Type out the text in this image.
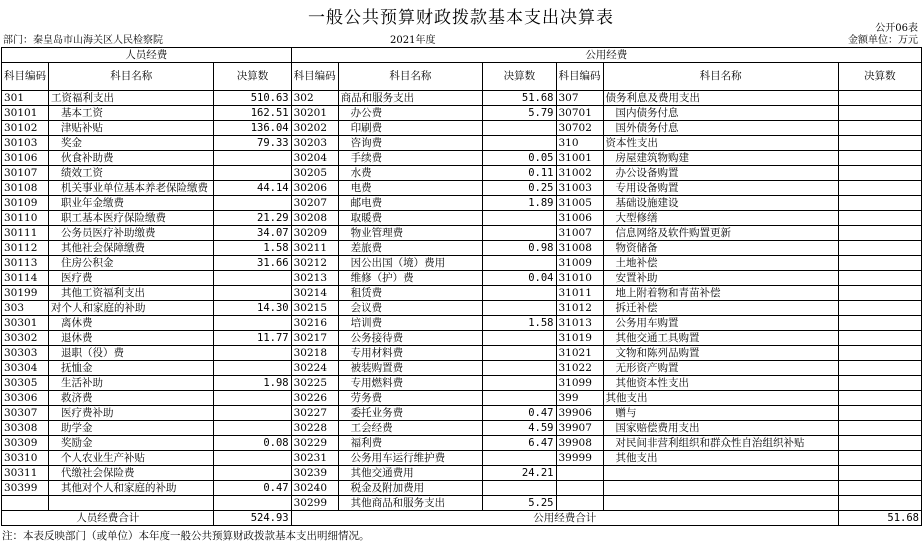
一般公共预算财政拨款基本支出决算表
公开06表
部门：秦皇岛市山海关区人民检察院	2021年度	金额单位：万元
人员经费			公用经费					
科目编码	科目名称	决算数	科目编码	科目名称	决算数	科目编码	科目名称	决算数
301	工资福利支出	510.63	302	商品和服务支出	51.68	307	债务利息及费用支出	
30101	基本工资	162.51	30201	办公费	5.79	30701	国内债务付息	
30102	津贴补贴	136.04	30202	印刷费		30702	国外债务付息	
30103	奖金	79.33	30203	咨询费		310	资本性支出	
30106	伙食补助费		30204	手续费	0.05	31001	房屋建筑物购建	
30107	绩效工资		30205	水费	0.11	31002	办公设备购置	
30108	机关事业单位基本养老保险缴费	44.14	30206	电费	0.25	31003	专用设备购置	
30109	职业年金缴费		30207	邮电费	1.89	31005	基础设施建设	
30110	职工基本医疗保险缴费	21.29	30208	取暖费		31006	大型修缮	
30111	公务员医疗补助缴费	34.07	30209	物业管理费		31007	信息网络及软件购置更新	
30112	其他社会保障缴费	1.58	30211	差旅费	0.98	31008	物资储备	
30113	住房公积金	31.66	30212	因公出国（境）费用		31009	土地补偿	
30114	医疗费		30213	维修（护）费	0.04	31010	安置补助	
30199	其他工资福利支出		30214	租赁费		31011	地上附着物和青苗补偿	
303	对个人和家庭的补助	14.30	30215	会议费		31012	拆迁补偿	
30301	离休费		30216	培训费	1.58	31013	公务用车购置	
30302	退休费	11.77	30217	公务接待费		31019	其他交通工具购置	
30303	退职（役）费		30218	专用材料费		31021	文物和陈列品购置	
30304	抚恤金		30224	被装购置费		31022	无形资产购置	
30305	生活补助	1.98	30225	专用燃料费		31099	其他资本性支出	
30306	救济费		30226	劳务费		399	其他支出	
30307	医疗费补助		30227	委托业务费	0.47	39906	赠与	
30308	助学金		30228	工会经费	4.59	39907	国家赔偿费用支出	
30309	奖励金	0.08	30229	福利费	6.47	39908	对民间非营利组织和群众性自治组织补贴	
30310	个人农业生产补贴		30231	公务用车运行维护费		39999	其他支出	
30311	代缴社会保险费		30239	其他交通费用	24.21			
30399	其他对个人和家庭的补助	0.47	30240	税金及附加费用				
			30299	其他商品和服务支出	5.25			
人员经费合计		524.93	公用经费合计					51.68
注：本表反映部门（或单位）本年度一般公共预算财政拨款基本支出明细情况。
